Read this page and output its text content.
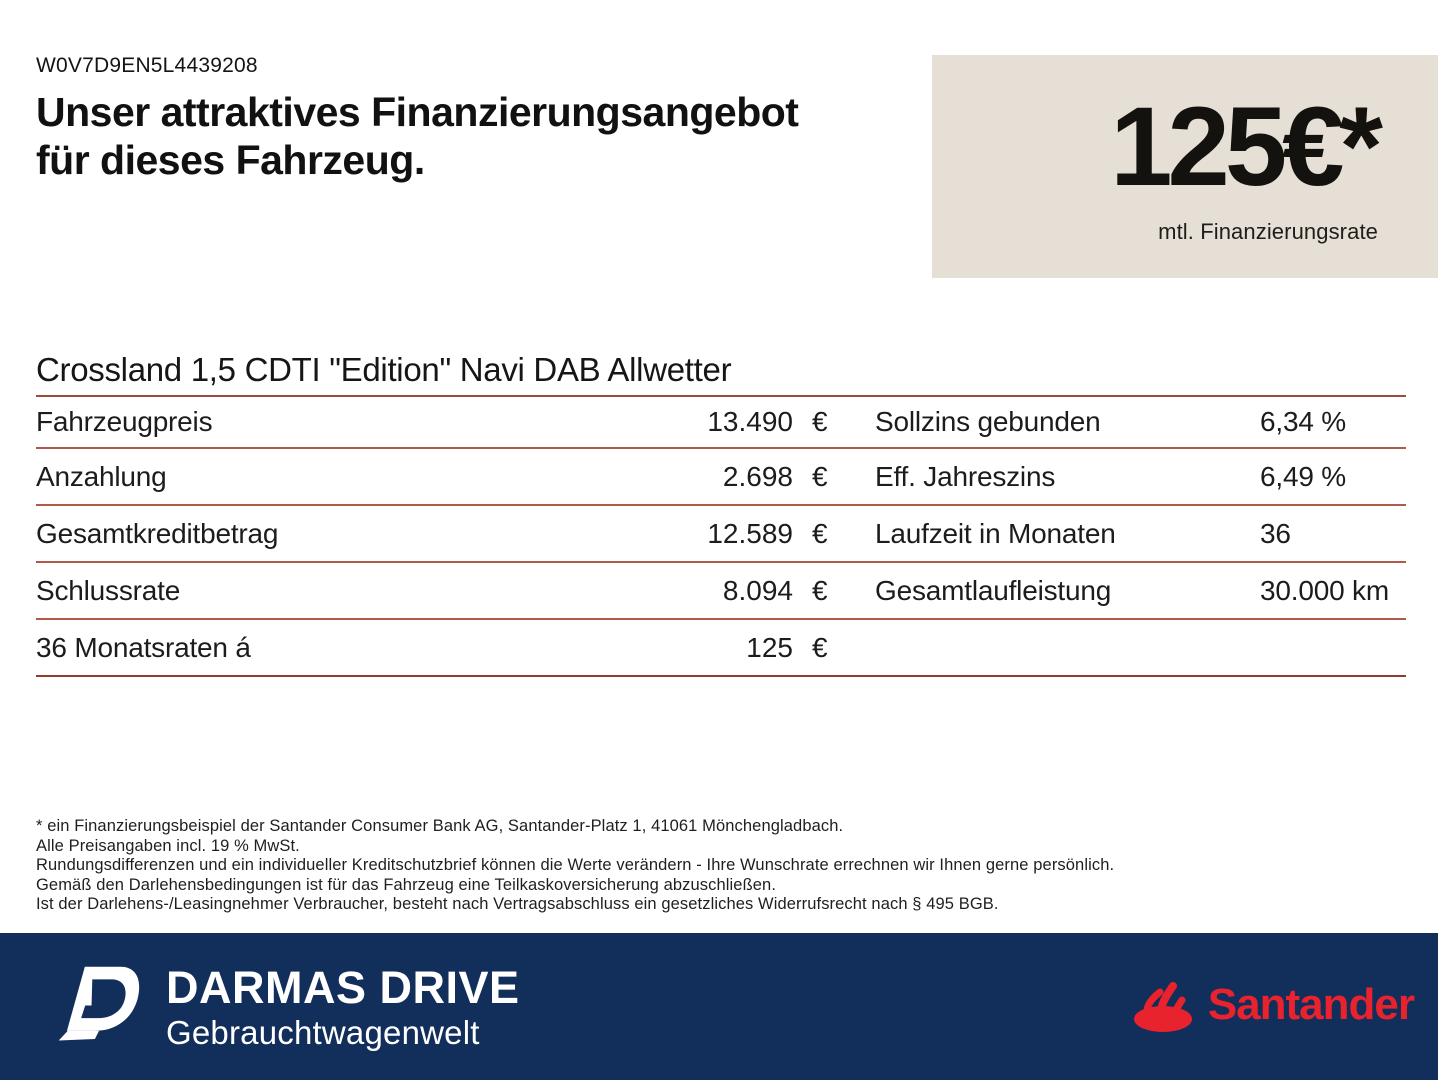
W0V7D9EN5L4439208
Unser attraktives Finanzierungsangebot
für dieses Fahrzeug.	125€*
mtl. Finanzierungsrate
Crossland 1,5 CDTI "Edition" Navi DAB Allwetter
Fahrzeugpreis	13.490 €	Sollzins gebunden	6,34 %
Anzahlung	2.698 €	Eff. Jahreszins	6,49 %
Gesamtkreditbetrag	12.589 €	Laufzeit in Monaten	36
Schlussrate	8.094 €	Gesamtlaufleistung	30.000 km
36 Monatsraten á	125 €
* ein Finanzierungsbeispiel der Santander Consumer Bank AG, Santander-Platz 1, 41061 Mönchengladbach.
Alle Preisangaben incl. 19 % MwSt.
Rundungsdifferenzen und ein individueller Kreditschutzbrief können die Werte verändern - Ihre Wunschrate errechnen wir Ihnen gerne persönlich.
Gemäß den Darlehensbedingungen ist für das Fahrzeug eine Teilkaskoversicherung abzuschließen.
Ist der Darlehens-/Leasingnehmer Verbraucher, besteht nach Vertragsabschluss ein gesetzliches Widerrufsrecht nach § 495 BGB.
DARMAS DRIVE
Gebrauchtwagenwelt
Santander
